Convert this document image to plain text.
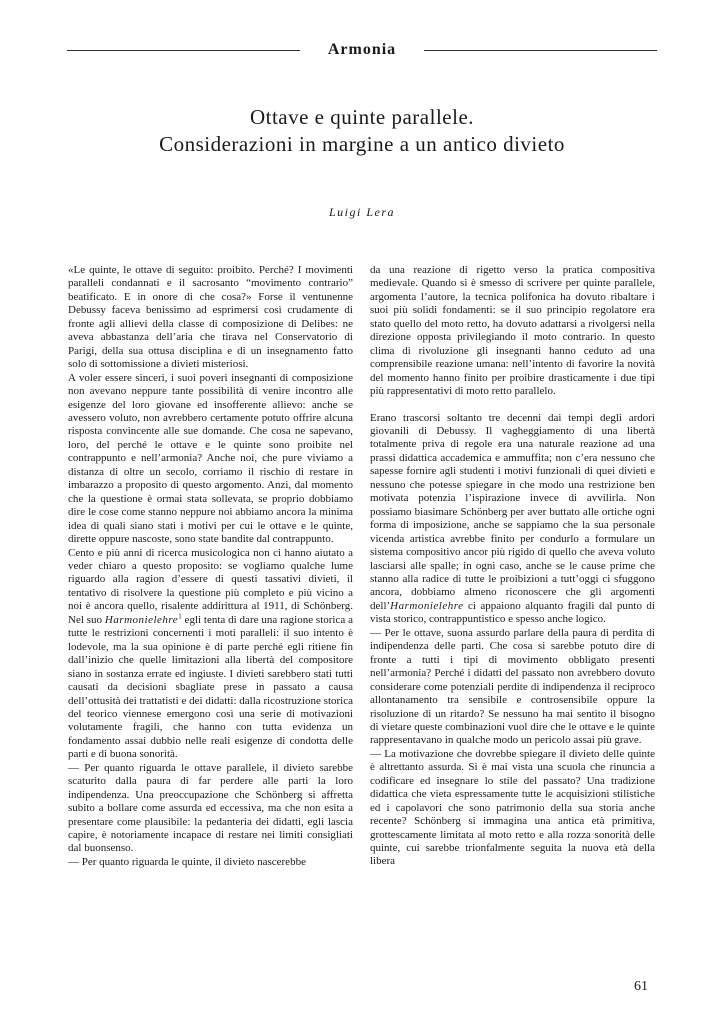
Armonia
Ottave e quinte parallele.
Considerazioni in margine a un antico divieto
Luigi Lera

«Le quinte, le ottave di seguito: proibito. Perché? I movimenti paralleli condannati e il sacrosanto “movimento contrario” beatificato. E in onore di che cosa?» Forse il ventunenne Debussy faceva benissimo ad esprimersi così crudamente di fronte agli allievi della classe di composizione di Delibes: ne aveva abbastanza dell’aria che tirava nel Conservatorio di Parigi, della sua ottusa disciplina e di un insegnamento fatto solo di sottomissione a divieti misteriosi.

A voler essere sinceri, i suoi poveri insegnanti di composizione non avevano neppure tante possibilità di venire incontro alle esigenze del loro giovane ed insofferente allievo: anche se avessero voluto, non avrebbero certamente potuto offrire alcuna risposta convincente alle sue domande. Che cosa ne sapevano, loro, del perché le ottave e le quinte sono proibite nel contrappunto e nell’armonia? Anche noi, che pure viviamo a distanza di oltre un secolo, corriamo il rischio di restare in imbarazzo a proposito di questo argomento. Anzi, dal momento che la questione è ormai stata sollevata, se proprio dobbiamo dire le cose come stanno neppure noi abbiamo ancora la minima idea di quali siano stati i motivi per cui le ottave e le quinte, dirette oppure nascoste, sono state bandite dal contrappunto.

Cento e più anni di ricerca musicologica non ci hanno aiutato a veder chiaro a questo proposito: se vogliamo qualche lume riguardo alla ragion d’essere di questi tassativi divieti, il tentativo di risolvere la questione più completo e più vicino a noi è ancora quello, risalente addirittura al 1911, di Schönberg. Nel suo Harmonielehre$^1$ egli tenta di dare una ragione storica a tutte le restrizioni concernenti i moti paralleli: il suo intento è lodevole, ma la sua opinione è di parte perché egli ritiene fin dall’inizio che quelle limitazioni alla libertà del compositore siano in sostanza errate ed ingiuste. I divieti sarebbero stati tutti causati da decisioni sbagliate prese in passato a causa dell’ottusità dei trattatisti e dei didatti: dalla ricostruzione storica del teorico viennese emergono così una serie di motivazioni volutamente fragili, che hanno con tutta evidenza un fondamento assai dubbio nelle reali esigenze di condotta delle parti e di buona sonorità.

— Per quanto riguarda le ottave parallele, il divieto sarebbe scaturito dalla paura di far perdere alle parti la loro indipendenza. Una preoccupazione che Schönberg si affretta subito a bollare come assurda ed eccessiva, ma che non esita a presentare come plausibile: la pedanteria dei didatti, egli lascia capire, è notoriamente incapace di restare nei limiti consigliati dal buonsenso.

— Per quanto riguarda le quinte, il divieto nascerebbe

da una reazione di rigetto verso la pratica compositiva medievale. Quando si è smesso di scrivere per quinte parallele, argomenta l’autore, la tecnica polifonica ha dovuto ribaltare i suoi più solidi fondamenti: se il suo principio regolatore era stato quello del moto retto, ha dovuto adattarsi a rivolgersi nella direzione opposta privilegiando il moto contrario. In questo clima di rivoluzione gli insegnanti hanno ceduto ad una comprensibile reazione umana: nell’intento di favorire la novità del momento hanno finito per proibire drasticamente i due tipi più rappresentativi di moto retto parallelo.

Erano trascorsi soltanto tre decenni dai tempi degli ardori giovanili di Debussy. Il vagheggiamento di una libertà totalmente priva di regole era una naturale reazione ad una prassi didattica accademica e ammuffita; non c’era nessuno che sapesse fornire agli studenti i motivi funzionali di quei divieti e nessuno che potesse spiegare in che modo una restrizione ben motivata potenzia l’ispirazione invece di avvilirla. Non possiamo biasimare Schönberg per aver buttato alle ortiche ogni forma di imposizione, anche se sappiamo che la sua personale vicenda artistica avrebbe finito per condurlo a formulare un sistema compositivo ancor più rigido di quello che aveva voluto lasciarsi alle spalle; in ogni caso, anche se le cause prime che stanno alla radice di tutte le proibizioni a tutt’oggi ci sfuggono ancora, dobbiamo almeno riconoscere che gli argomenti dell’Harmonielehre ci appaiono alquanto fragili dal punto di vista storico, contrappuntistico e spesso anche logico.

— Per le ottave, suona assurdo parlare della paura di perdita di indipendenza delle parti. Che cosa si sarebbe potuto dire di fronte a tutti i tipi di movimento obbligato presenti nell’armonia? Perché i didatti del passato non avrebbero dovuto considerare come potenziali perdite di indipendenza il reciproco allontanamento tra sensibile e controsensibile oppure la risoluzione di un ritardo? Se nessuno ha mai sentito il bisogno di vietare queste combinazioni vuol dire che le ottave e le quinte rappresentavano in qualche modo un pericolo assai più grave.

— La motivazione che dovrebbe spiegare il divieto delle quinte è altrettanto assurda. Si è mai vista una scuola che rinuncia a codificare ed insegnare lo stile del passato? Una tradizione didattica che vieta espressamente tutte le acquisizioni stilistiche ed i capolavori che sono patrimonio della sua storia anche recente? Schönberg si immagina una antica età primitiva, grottescamente limitata al moto retto e alla rozza sonorità delle quinte, cui sarebbe trionfalmente seguita la nuova età della libera

61
